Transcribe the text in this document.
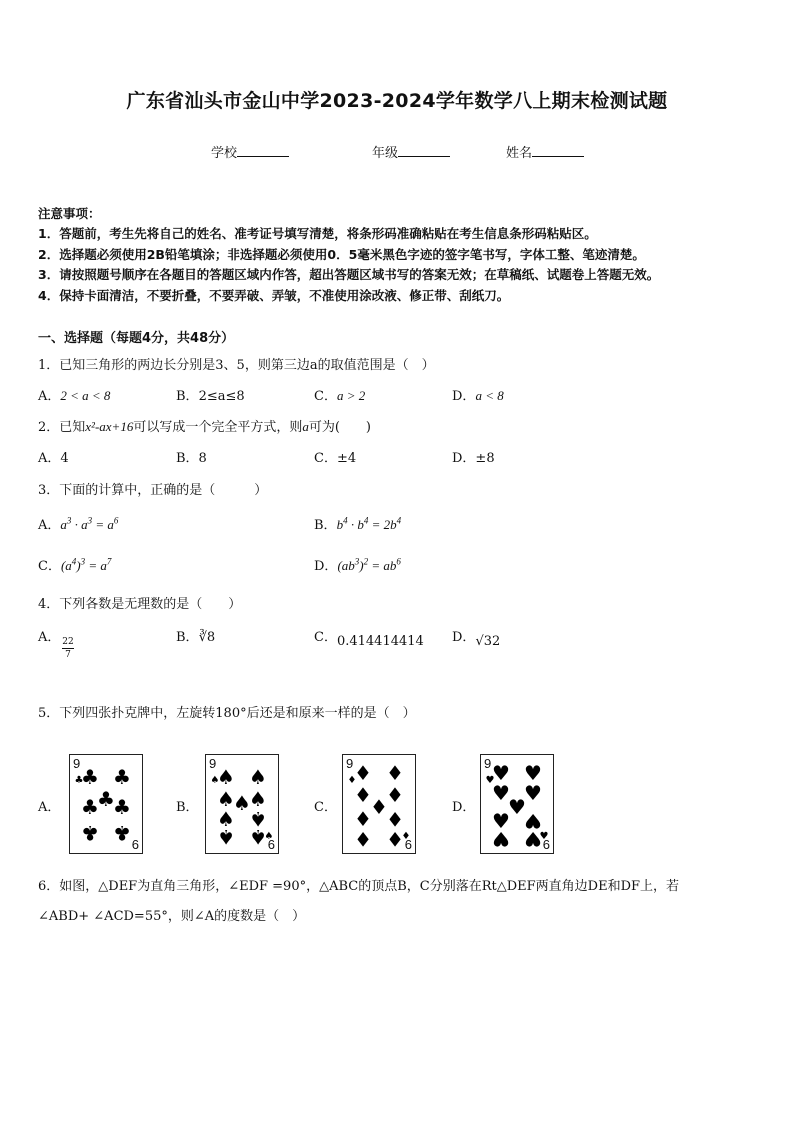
广东省汕头市金山中学2023-2024学年数学八上期末检测试题
学校	年级	姓名
注意事项：
1．答题前，考生先将自己的姓名、准考证号填写清楚，将条形码准确粘贴在考生信息条形码粘贴区。
2．选择题必须使用2B铅笔填涂；非选择题必须使用0．5毫米黑色字迹的签字笔书写，字体工整、笔迹清楚。
3．请按照题号顺序在各题目的答题区域内作答，超出答题区域书写的答案无效；在草稿纸、试题卷上答题无效。
4．保持卡面清洁，不要折叠，不要弄破、弄皱，不准使用涂改液、修正带、刮纸刀。
一、选择题（每题4分，共48分）
1．已知三角形的两边长分别是3、5，则第三边a的取值范围是（　）
A．2 < a < 8	B．2≤a≤8	C．a > 2	D．a < 8
2．已知x²-ax+16可以写成一个完全平方式，则a可为(　　)
A．4	B．8	C．±4	D．±8
3．下面的计算中，正确的是（　　　）
A．$a^3 \cdot a^3 = a^6$	B．$b^4 \cdot b^4 = 2b^4$
C．$(a^4)^3 = a^7$	D．$(ab^3)^2 = ab^6$
4．下列各数是无理数的是（　　）
A． $\frac{22}{7}$	B．∛8	C．0.414414414 D．√32
5．下列四张扑克牌中，左旋转180°后还是和原来一样的是（　）
A．	B．	C．	D．
♣ ♣
♣
♣ ♣
♣ ♣
♣
9
6
♠ ♠
♠ ♠
♠
♠ ♠
♠ ♠
♠
♠
9
6
♦ ♦
♦ ♦
♦
♦ ♦
♦ ♦
♦
♦
9
6
♥ ♥
♥ ♥
♥
♥ ♥
♥ ♥
♥
♥
9
6
6．如图，△DEF为直角三角形，∠EDF =90°，△ABC的顶点B，C分别落在Rt△DEF两直角边DE和DF上，若
∠ABD+ ∠ACD=55°，则∠A的度数是（　）
